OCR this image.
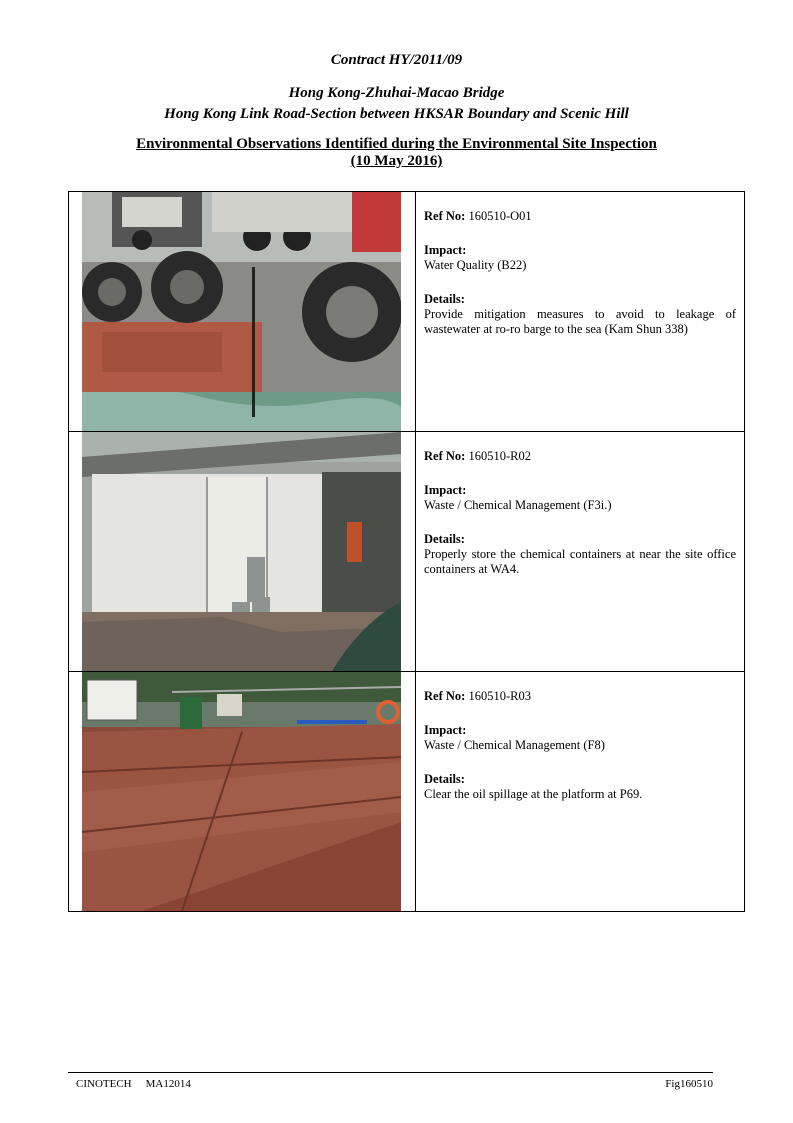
Contract HY/2011/09

Hong Kong-Zhuhai-Macao Bridge

Hong Kong Link Road-Section between HKSAR Boundary and Scenic Hill

Environmental Observations Identified during the Environmental Site Inspection

(10 May 2016)

Ref No: 160510-O01

Impact:

Water Quality (B22)

Details:

Provide mitigation measures to avoid to leakage of wastewater at ro-ro barge to the sea (Kam Shun 338)

Ref No: 160510-R02

Impact:

Waste / Chemical Management (F3i.)

Details:

Properly store the chemical containers at near the site office containers at WA4.

Ref No: 160510-R03

Impact:

Waste / Chemical Management (F8)

Details:

Clear the oil spillage at the platform at P69.

CINOTECH MA12014	Fig160510
